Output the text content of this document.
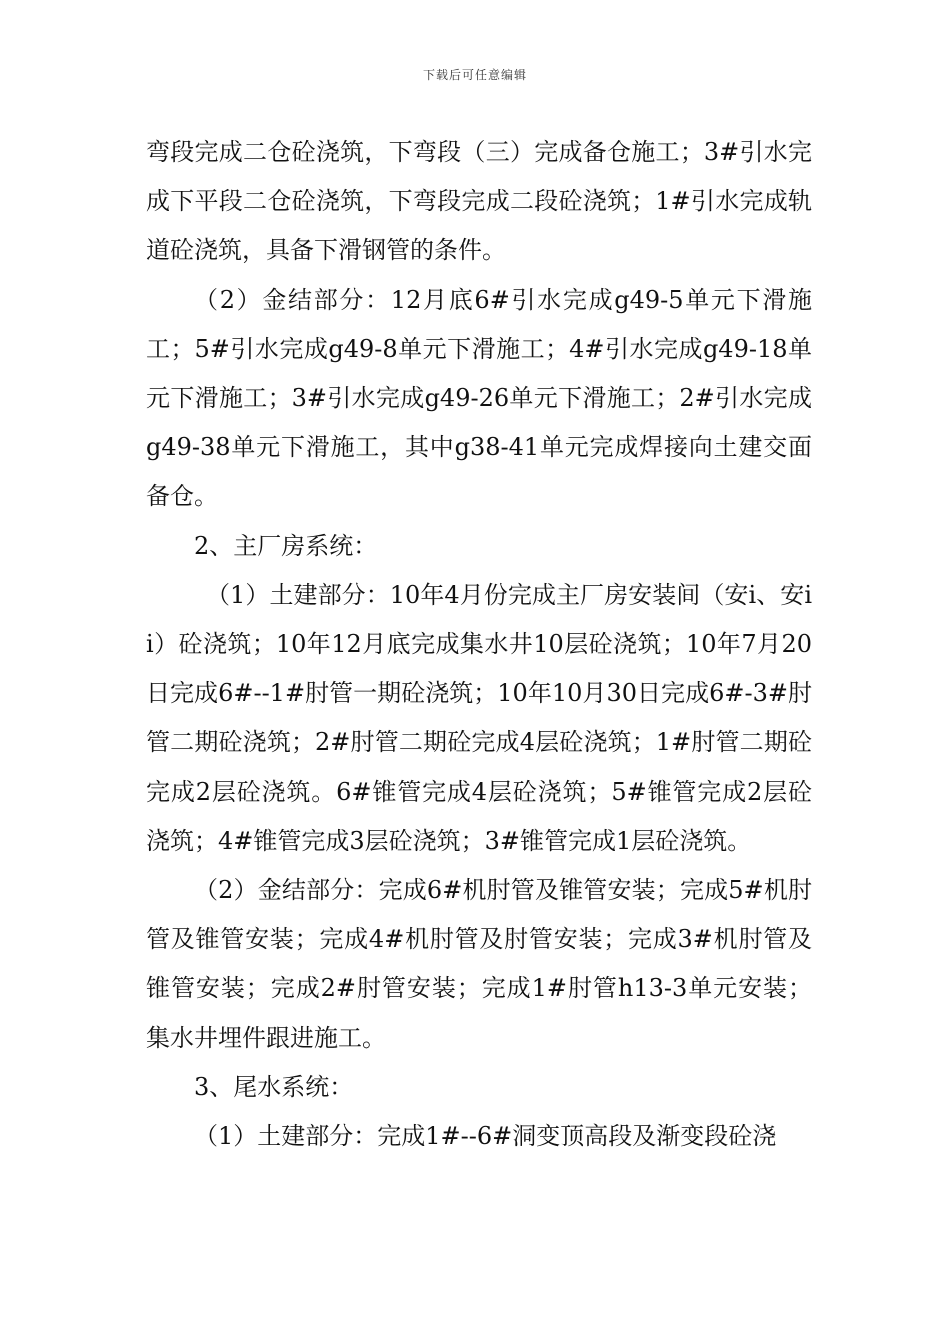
下载后可任意编辑

弯段完成二仓砼浇筑，下弯段（三）完成备仓施工；3#引水完成下平段二仓砼浇筑，下弯段完成二段砼浇筑；1#引水完成轨道砼浇筑，具备下滑钢管的条件。

（2）金结部分：12月底6#引水完成g49-5单元下滑施工；5#引水完成g49-8单元下滑施工；4#引水完成g49-18单元下滑施工；3#引水完成g49-26单元下滑施工；2#引水完成g49-38单元下滑施工，其中g38-41单元完成焊接向土建交面备仓。

2、主厂房系统：

（1）土建部分：10年4月份完成主厂房安装间（安i、安ii）砼浇筑；10年12月底完成集水井10层砼浇筑；10年7月20日完成6#--1#肘管一期砼浇筑；10年10月30日完成6#-3#肘管二期砼浇筑；2#肘管二期砼完成4层砼浇筑；1#肘管二期砼完成2层砼浇筑。6#锥管完成4层砼浇筑；5#锥管完成2层砼浇筑；4#锥管完成3层砼浇筑；3#锥管完成1层砼浇筑。

（2）金结部分：完成6#机肘管及锥管安装；完成5#机肘管及锥管安装；完成4#机肘管及肘管安装；完成3#机肘管及锥管安装；完成2#肘管安装；完成1#肘管h13-3单元安装；集水井埋件跟进施工。

3、尾水系统：

（1）土建部分：完成1#--6#洞变顶高段及渐变段砼浇
